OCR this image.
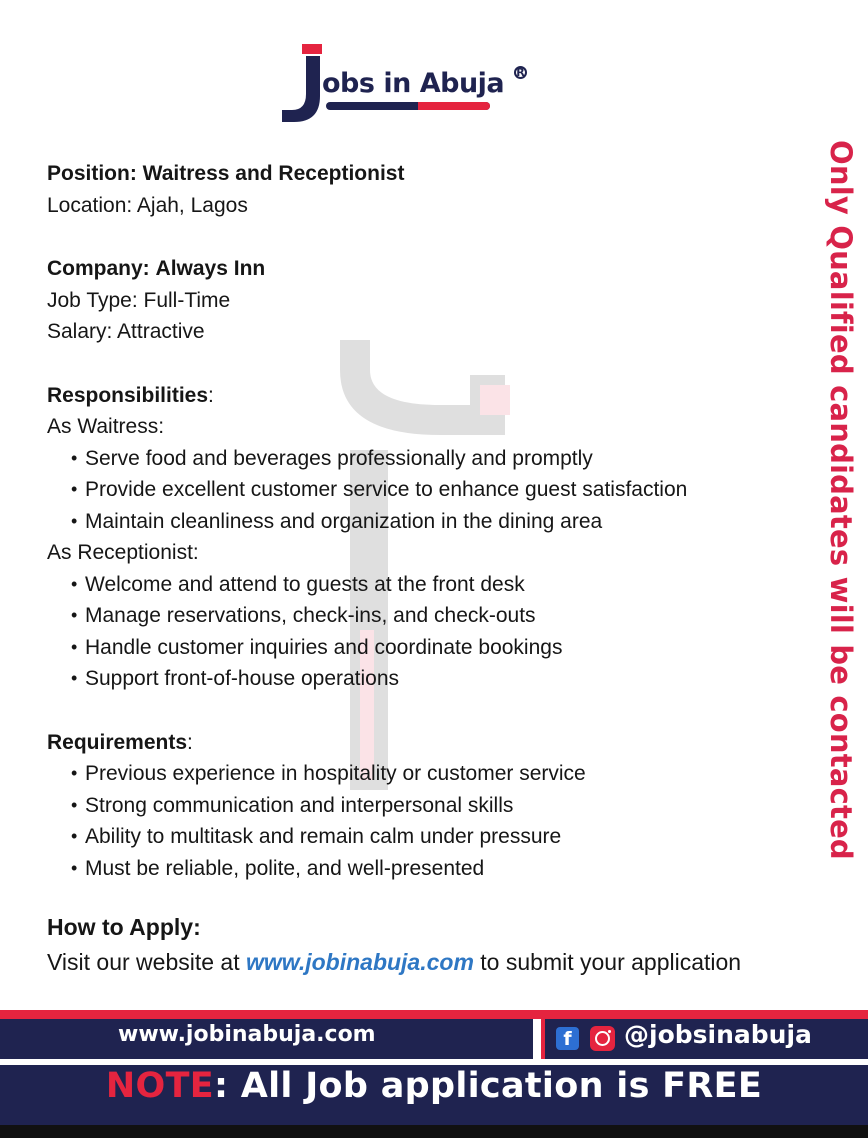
obs in Abuja R
Only Qualified candidates will be contacted
Position: Waitress and Receptionist
Location: Ajah, Lagos
Company: Always Inn
Job Type: Full-Time
Salary: Attractive
Responsibilities:
As Waitress:
• Serve food and beverages professionally and promptly
• Provide excellent customer service to enhance guest satisfaction
• Maintain cleanliness and organization in the dining area
As Receptionist:
• Welcome and attend to guests at the front desk
• Manage reservations, check-ins, and check-outs
• Handle customer inquiries and coordinate bookings
• Support front-of-house operations
Requirements:
• Previous experience in hospitality or customer service
• Strong communication and interpersonal skills
• Ability to multitask and remain calm under pressure
• Must be reliable, polite, and well-presented
How to Apply:
Visit our website at www.jobinabuja.com to submit your application
www.jobinabuja.com	f @jobsinabuja
NOTE: All Job application is FREE
